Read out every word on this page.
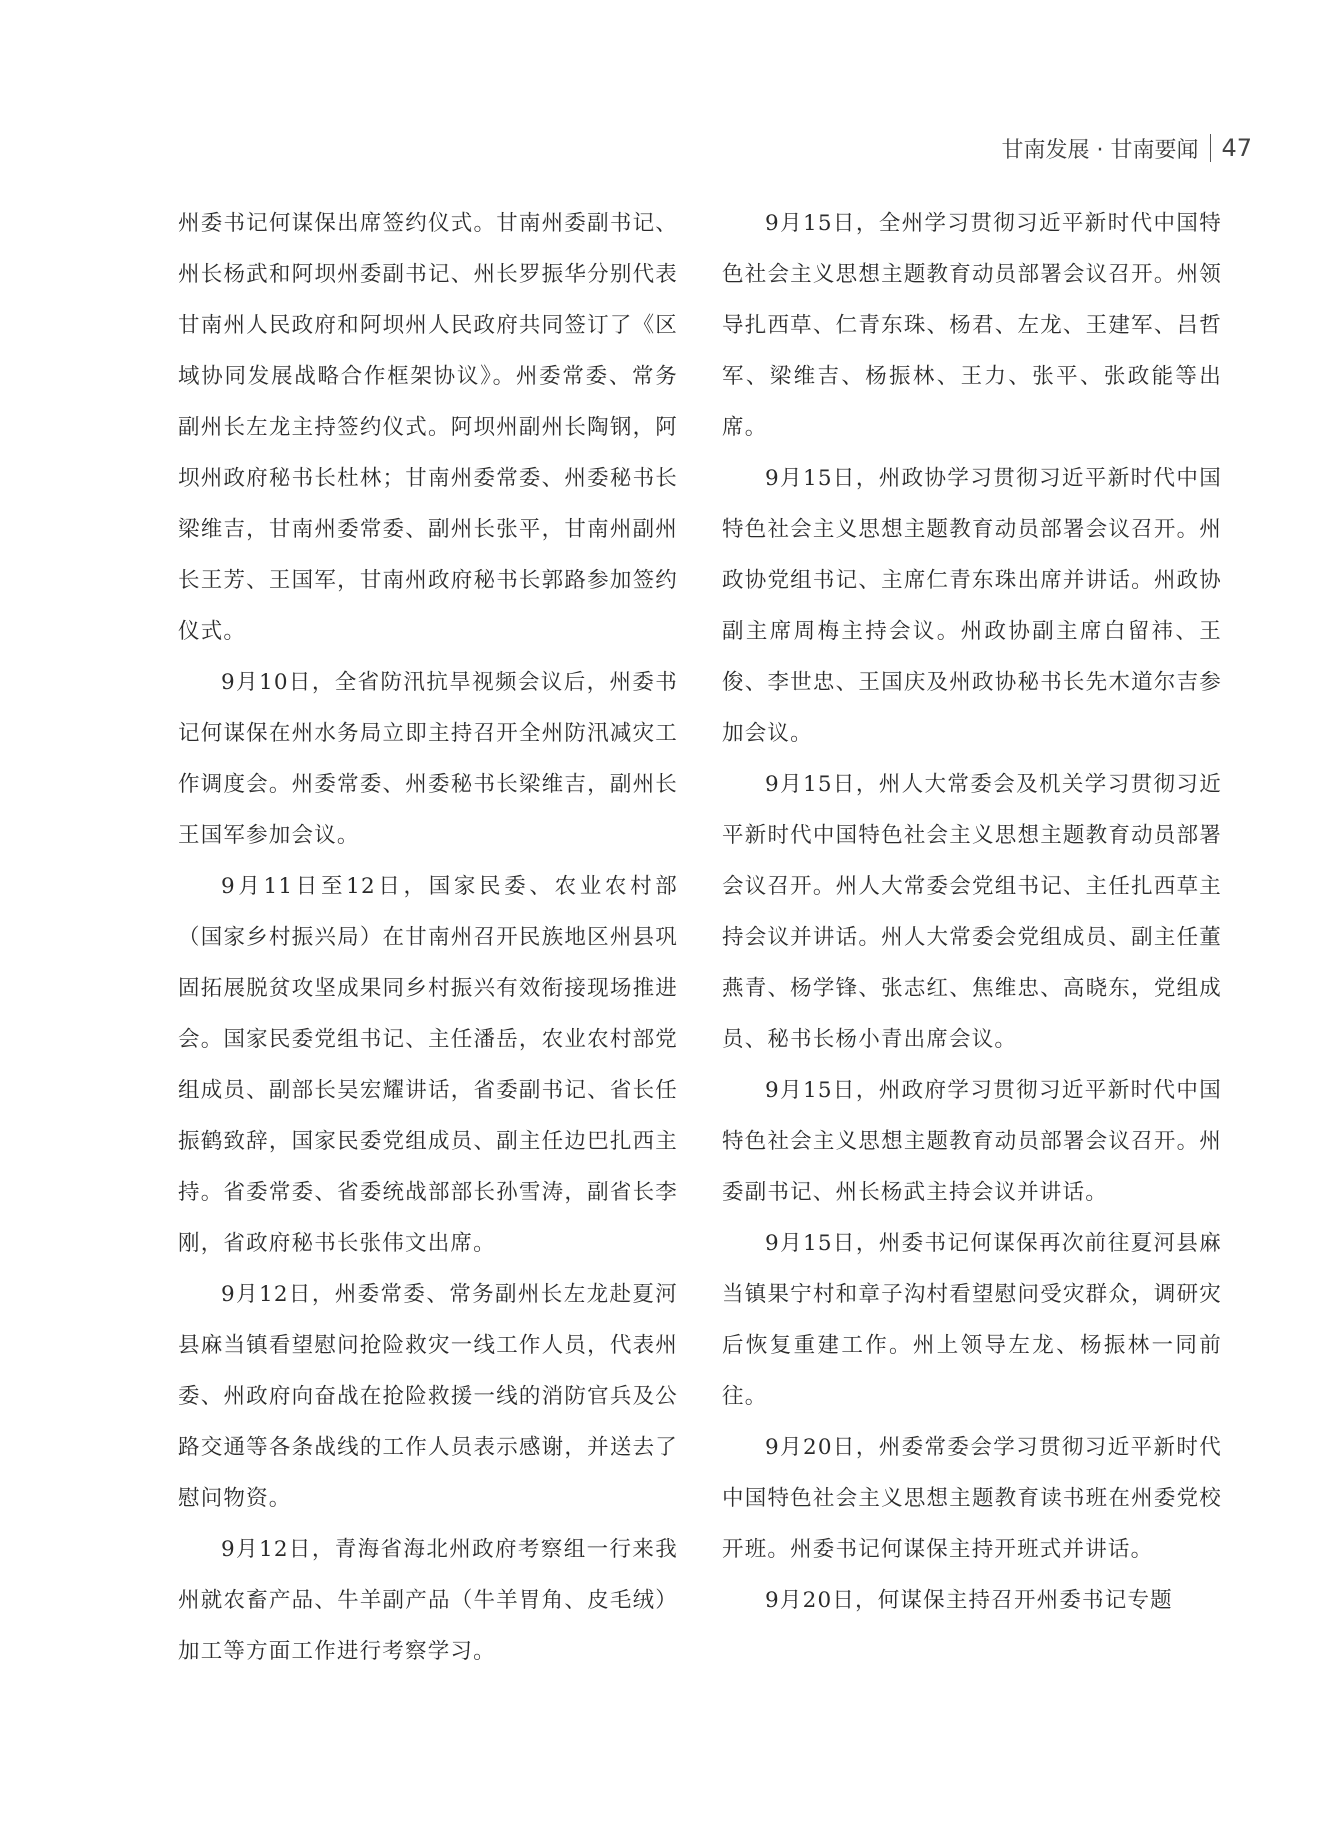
甘南发展 · 甘南要闻 47

州委书记何谋保出席签约仪式。甘南州委副书记、州长杨武和阿坝州委副书记、州长罗振华分别代表甘南州人民政府和阿坝州人民政府共同签订了《区域协同发展战略合作框架协议》。州委常委、常务副州长左龙主持签约仪式。阿坝州副州长陶钢，阿坝州政府秘书长杜林；甘南州委常委、州委秘书长梁维吉，甘南州委常委、副州长张平，甘南州副州长王芳、王国军，甘南州政府秘书长郭路参加签约仪式。

9月10日，全省防汛抗旱视频会议后，州委书记何谋保在州水务局立即主持召开全州防汛减灾工作调度会。州委常委、州委秘书长梁维吉，副州长王国军参加会议。

9月11日至12日，国家民委、农业农村部（国家乡村振兴局）在甘南州召开民族地区州县巩固拓展脱贫攻坚成果同乡村振兴有效衔接现场推进会。国家民委党组书记、主任潘岳，农业农村部党组成员、副部长吴宏耀讲话，省委副书记、省长任振鹤致辞，国家民委党组成员、副主任边巴扎西主持。省委常委、省委统战部部长孙雪涛，副省长李刚，省政府秘书长张伟文出席。

9月12日，州委常委、常务副州长左龙赴夏河县麻当镇看望慰问抢险救灾一线工作人员，代表州委、州政府向奋战在抢险救援一线的消防官兵及公路交通等各条战线的工作人员表示感谢，并送去了慰问物资。

9月12日，青海省海北州政府考察组一行来我州就农畜产品、牛羊副产品（牛羊胃角、皮毛绒）加工等方面工作进行考察学习。

9月15日，全州学习贯彻习近平新时代中国特色社会主义思想主题教育动员部署会议召开。州领导扎西草、仁青东珠、杨君、左龙、王建军、吕哲军、梁维吉、杨振林、王力、张平、张政能等出席。

9月15日，州政协学习贯彻习近平新时代中国特色社会主义思想主题教育动员部署会议召开。州政协党组书记、主席仁青东珠出席并讲话。州政协副主席周梅主持会议。州政协副主席白留祎、王俊、李世忠、王国庆及州政协秘书长先木道尔吉参加会议。

9月15日，州人大常委会及机关学习贯彻习近平新时代中国特色社会主义思想主题教育动员部署会议召开。州人大常委会党组书记、主任扎西草主持会议并讲话。州人大常委会党组成员、副主任董燕青、杨学锋、张志红、焦维忠、高晓东，党组成员、秘书长杨小青出席会议。

9月15日，州政府学习贯彻习近平新时代中国特色社会主义思想主题教育动员部署会议召开。州委副书记、州长杨武主持会议并讲话。

9月15日，州委书记何谋保再次前往夏河县麻当镇果宁村和章子沟村看望慰问受灾群众，调研灾后恢复重建工作。州上领导左龙、杨振林一同前往。

9月20日，州委常委会学习贯彻习近平新时代中国特色社会主义思想主题教育读书班在州委党校开班。州委书记何谋保主持开班式并讲话。

9月20日，何谋保主持召开州委书记专题
